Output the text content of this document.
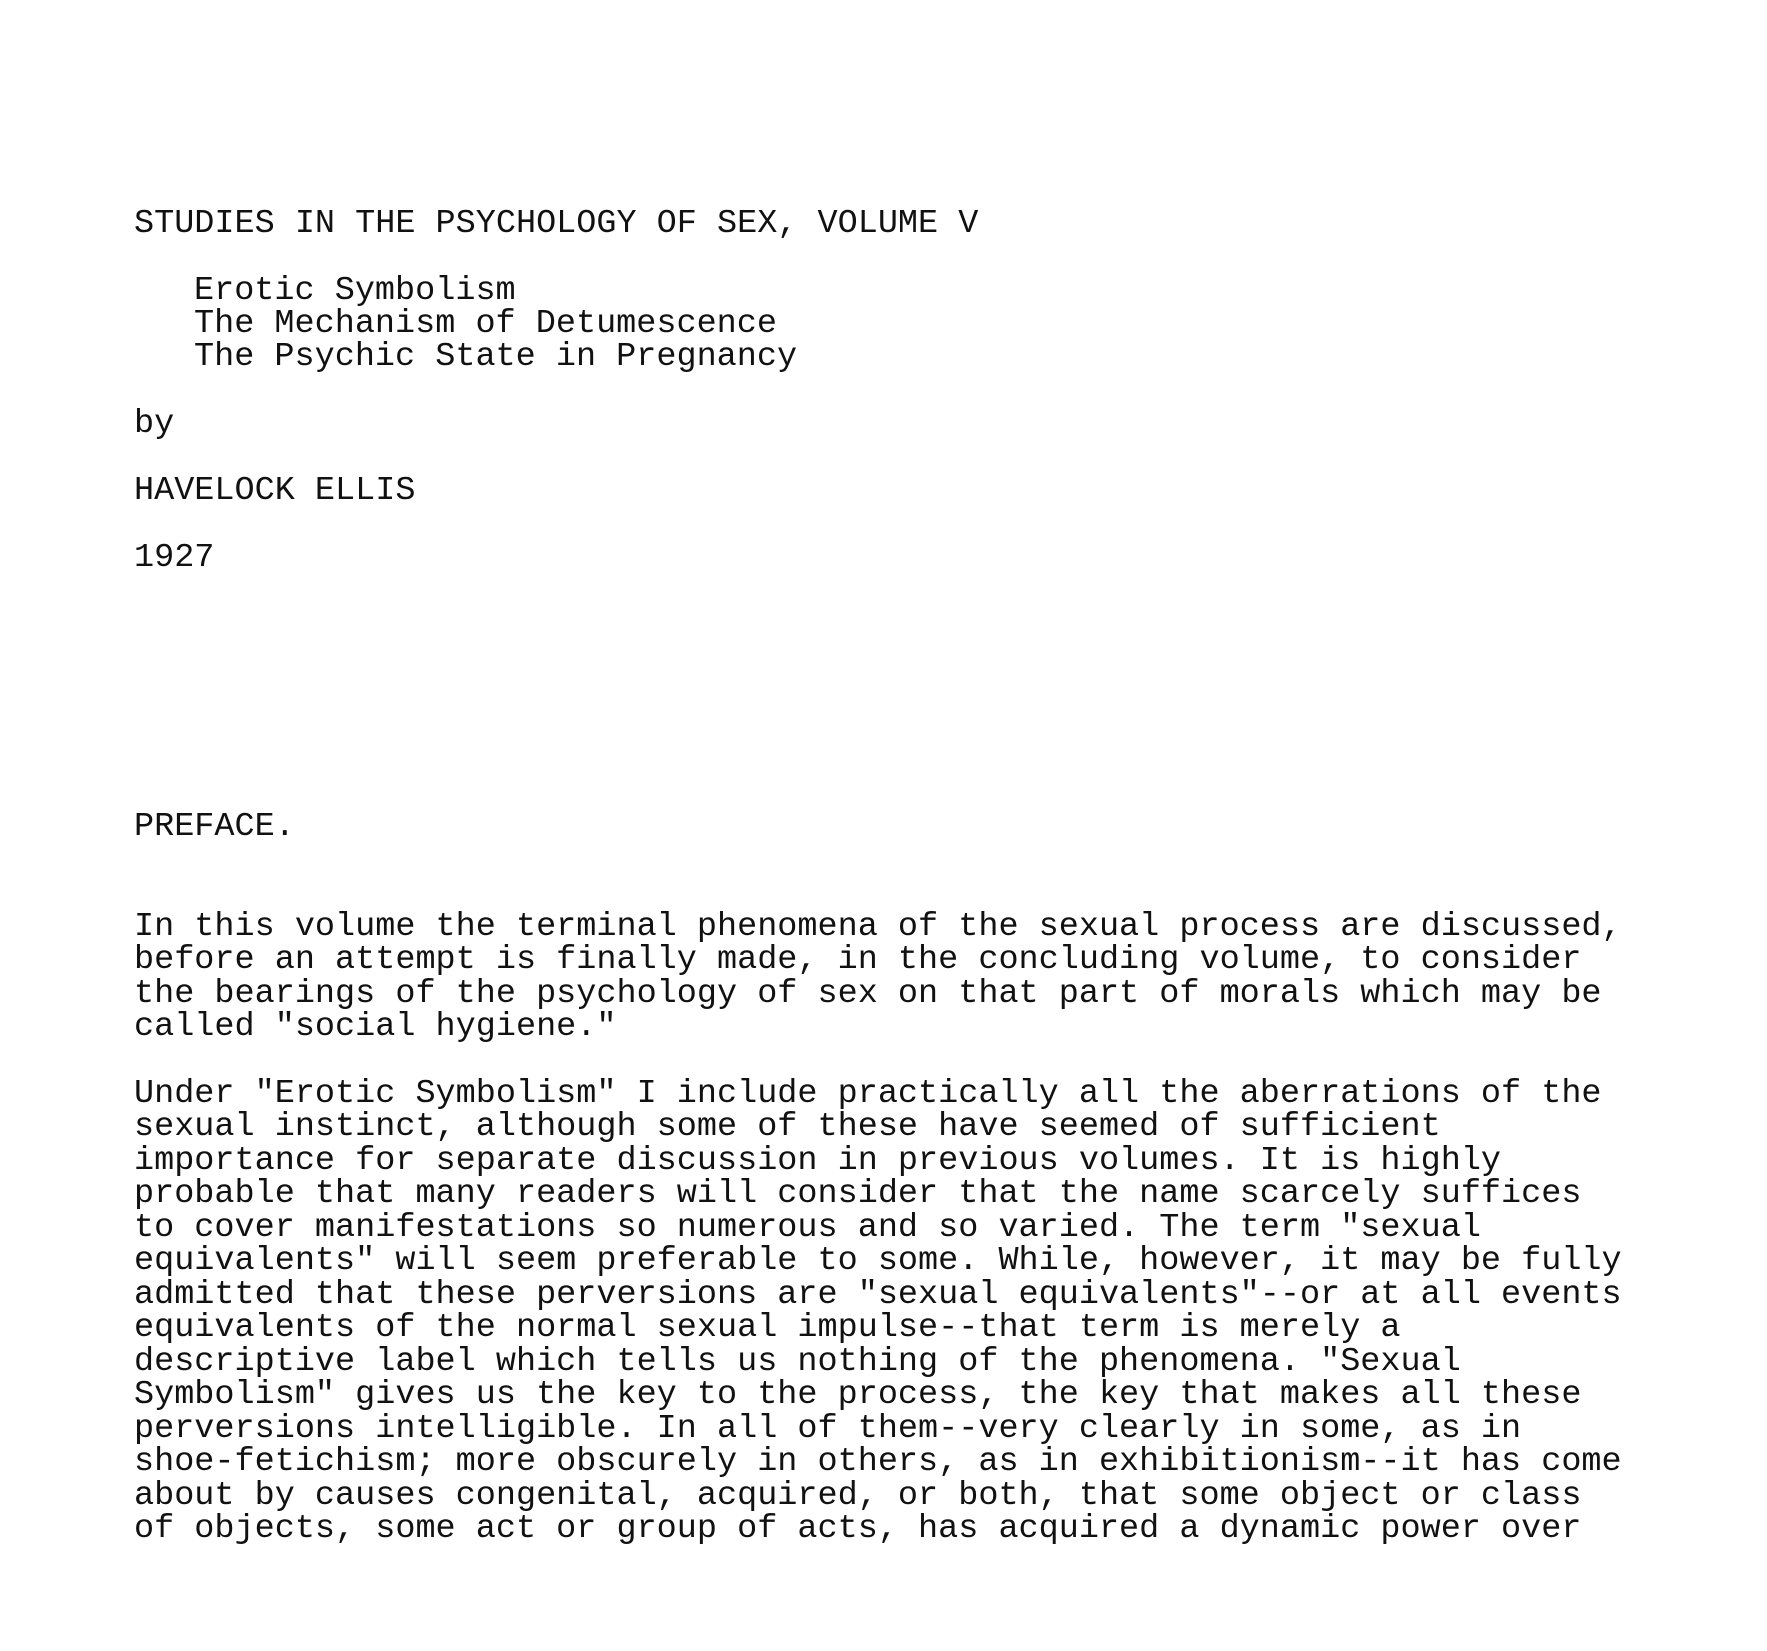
STUDIES IN THE PSYCHOLOGY OF SEX, VOLUME V

Erotic Symbolism

The Mechanism of Detumescence

The Psychic State in Pregnancy

by

HAVELOCK ELLIS

1927

PREFACE.

In this volume the terminal phenomena of the sexual process are discussed,

before an attempt is finally made, in the concluding volume, to consider

the bearings of the psychology of sex on that part of morals which may be

called "social hygiene."

Under "Erotic Symbolism" I include practically all the aberrations of the

sexual instinct, although some of these have seemed of sufficient

importance for separate discussion in previous volumes. It is highly

probable that many readers will consider that the name scarcely suffices

to cover manifestations so numerous and so varied. The term "sexual

equivalents" will seem preferable to some. While, however, it may be fully

admitted that these perversions are "sexual equivalents"--or at all events

equivalents of the normal sexual impulse--that term is merely a

descriptive label which tells us nothing of the phenomena. "Sexual

Symbolism" gives us the key to the process, the key that makes all these

perversions intelligible. In all of them--very clearly in some, as in

shoe-fetichism; more obscurely in others, as in exhibitionism--it has come

about by causes congenital, acquired, or both, that some object or class

of objects, some act or group of acts, has acquired a dynamic power over
